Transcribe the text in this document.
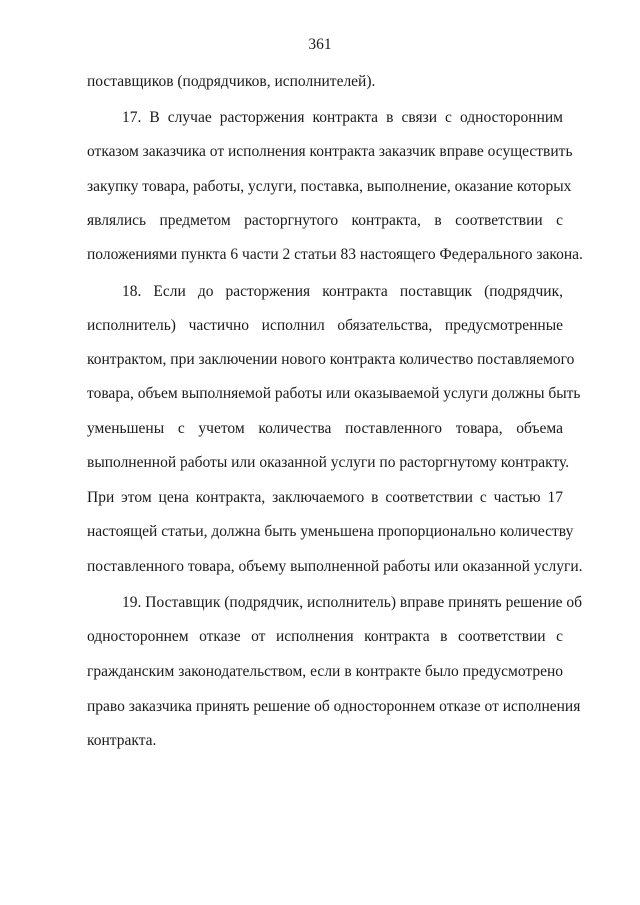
361
поставщиков (подрядчиков, исполнителей).
17. В случае расторжения контракта в связи с односторонним
отказом заказчика от исполнения контракта заказчик вправе осуществить
закупку товара, работы, услуги, поставка, выполнение, оказание которых
являлись предметом расторгнутого контракта, в соответствии с
положениями пункта 6 части 2 статьи 83 настоящего Федерального закона.
18. Если до расторжения контракта поставщик (подрядчик,
исполнитель) частично исполнил обязательства, предусмотренные
контрактом, при заключении нового контракта количество поставляемого
товара, объем выполняемой работы или оказываемой услуги должны быть
уменьшены с учетом количества поставленного товара, объема
выполненной работы или оказанной услуги по расторгнутому контракту.
При этом цена контракта, заключаемого в соответствии с частью 17
настоящей статьи, должна быть уменьшена пропорционально количеству
поставленного товара, объему выполненной работы или оказанной услуги.
19. Поставщик (подрядчик, исполнитель) вправе принять решение об
одностороннем отказе от исполнения контракта в соответствии с
гражданским законодательством, если в контракте было предусмотрено
право заказчика принять решение об одностороннем отказе от исполнения
контракта.
